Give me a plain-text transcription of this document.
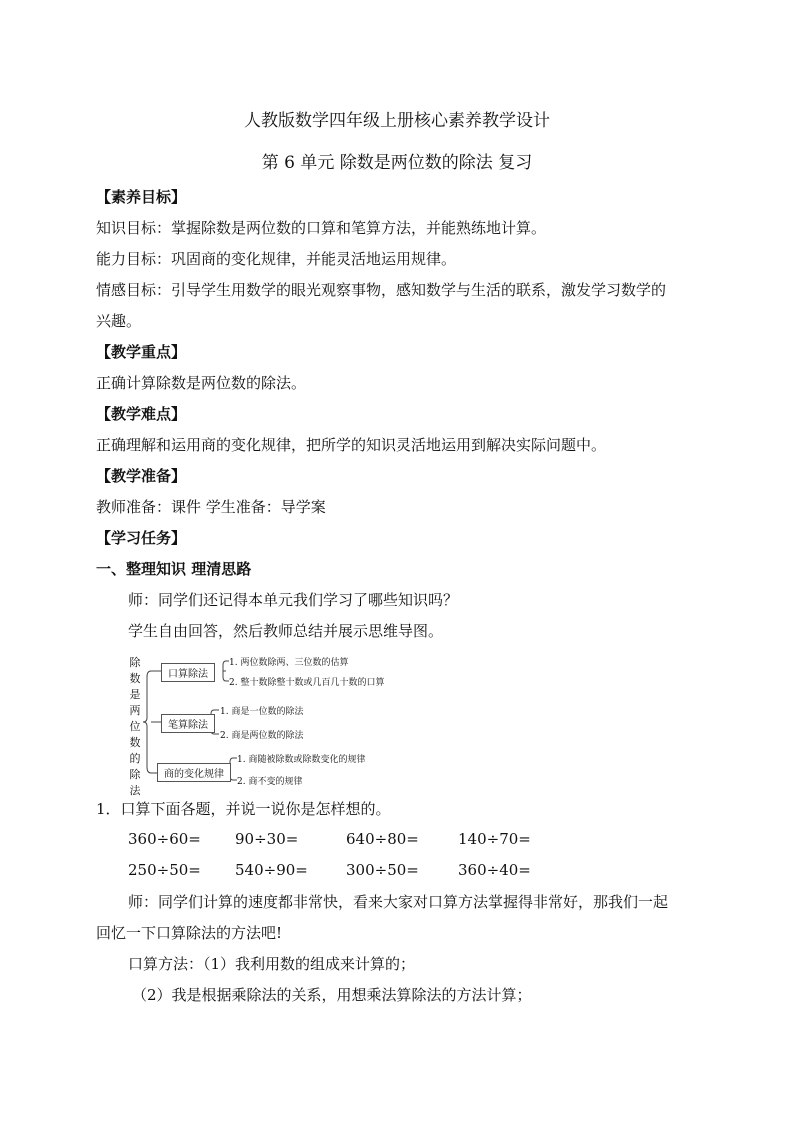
人教版数学四年级上册核心素养教学设计
第 6 单元 除数是两位数的除法 复习
【素养目标】
知识目标：掌握除数是两位数的口算和笔算方法，并能熟练地计算。
能力目标：巩固商的变化规律，并能灵活地运用规律。
情感目标：引导学生用数学的眼光观察事物，感知数学与生活的联系，激发学习数学的
兴趣。
【教学重点】
正确计算除数是两位数的除法。
【教学难点】
正确理解和运用商的变化规律，把所学的知识灵活地运用到解决实际问题中。
【教学准备】
教师准备：课件 学生准备：导学案
【学习任务】
一、整理知识 理清思路
师：同学们还记得本单元我们学习了哪些知识吗？
学生自由回答，然后教师总结并展示思维导图。
除
数
是
两
位
数
的
除
法
口算除法
1. 两位数除两、三位数的估算
2. 整十数除整十数或几百几十数的口算
笔算除法
1. 商是一位数的除法
2. 商是两位数的除法
商的变化规律
1. 商随被除数或除数变化的规律
2. 商不变的规律
1．口算下面各题，并说一说你是怎样想的。
360÷60= 90÷30=	640÷80=	140÷70=
250÷50= 540÷90=	300÷50=	360÷40=
师：同学们计算的速度都非常快，看来大家对口算方法掌握得非常好，那我们一起
回忆一下口算除法的方法吧!
口算方法：（1）我利用数的组成来计算的；
（2）我是根据乘除法的关系，用想乘法算除法的方法计算；
